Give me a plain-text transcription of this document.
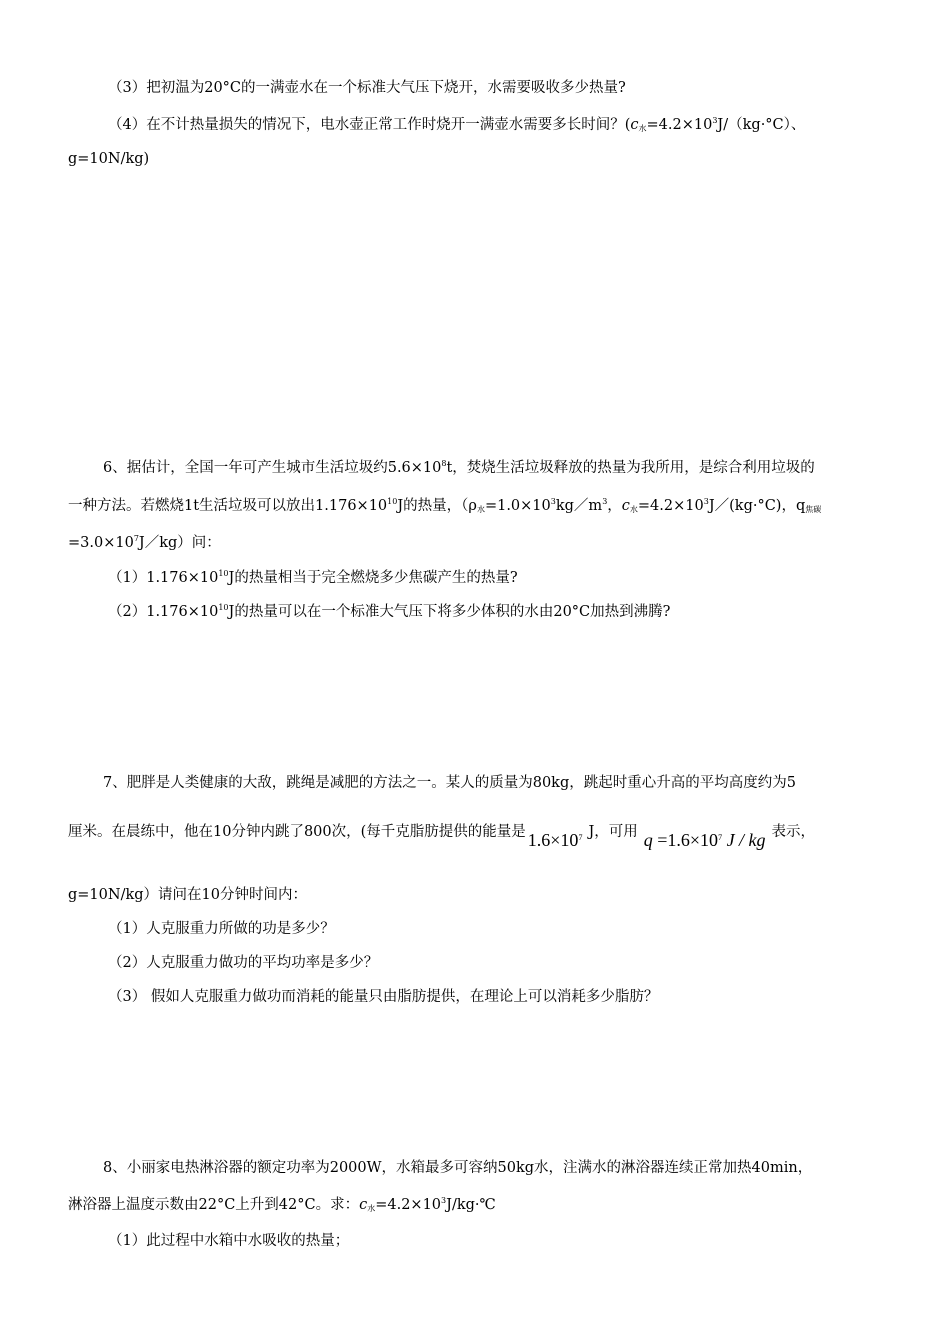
（3）把初温为20°C的一满壶水在一个标准大气压下烧开，水需要吸收多少热量?
（4）在不计热量损失的情况下，电水壶正常工作时烧开一满壶水需要多长时间？($c_水=4.2\times 10^3J/(kg\cdot^\circ C)$、
g=10N/kg)
6、据估计，全国一年可产生城市生活垃圾约$5.6\times 10^8t$，焚烧生活垃圾释放的热量为我所用，是综合利用垃圾的
一种方法。若燃烧1t生活垃圾可以放出$1.176\times 10^{10}J$的热量，（$\rho_水=1.0\times 10^3kg/m^3$，$c_水=4.2\times 10^3J/(kg\cdot^\circ C)$，$q_{焦碳}$
$=3.0\times 10^7J/kg$）问：
$(1)1.176\times 10^{10}J$的热量相当于完全燃烧多少焦碳产生的热量?
$(2)1.176\times 10^{10}J$的热量可以在一个标准大气压下将多少体积的水由20°C加热到沸腾?
7、肥胖是人类健康的大敌，跳绳是减肥的方法之一。某人的质量为80kg，跳起时重心升高的平均高度约为5
厘米。在晨练中，他在10分钟内跳了800次，(每千克脂肪提供的能量是 $1.6\times 10^7$ J，可用 $q =1.6\times 10^7$ J / kg 表示，
g=10N/kg）请问在10分钟时间内：
（1）人克服重力所做的功是多少？
（2）人克服重力做功的平均功率是多少？
（3） 假如人克服重力做功而消耗的能量只由脂肪提供，在理论上可以消耗多少脂肪？
8、小丽家电热淋浴器的额定功率为2000W，水箱最多可容纳50kg水，注满水的淋浴器连续正常加热40min，
淋浴器上温度示数由22°C上升到42°C。求：$c_水=4.2\times 10^3J/kg\cdot℃$
（1）此过程中水箱中水吸收的热量；
